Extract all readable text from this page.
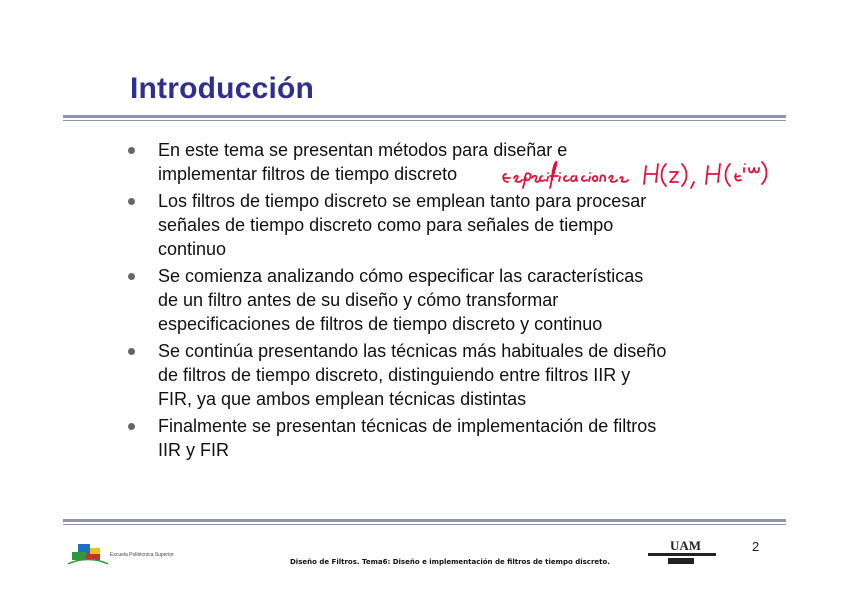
Introducción
En este tema se presentan métodos para diseñar e
implementar filtros de tiempo discreto
Los filtros de tiempo discreto se emplean tanto para procesar
señales de tiempo discreto como para señales de tiempo
continuo
Se comienza analizando cómo especificar las características
de un filtro antes de su diseño y cómo transformar
especificaciones de filtros de tiempo discreto y continuo
Se continúa presentando las técnicas más habituales de diseño
de filtros de tiempo discreto, distinguiendo entre filtros IIR y
FIR, ya que ambos emplean técnicas distintas
Finalmente se presentan técnicas de implementación de filtros
IIR y FIR
Escuela Politécnica Superior
Diseño de Filtros. Tema6: Diseño e implementación de filtros de tiempo discreto.
UAM	2
